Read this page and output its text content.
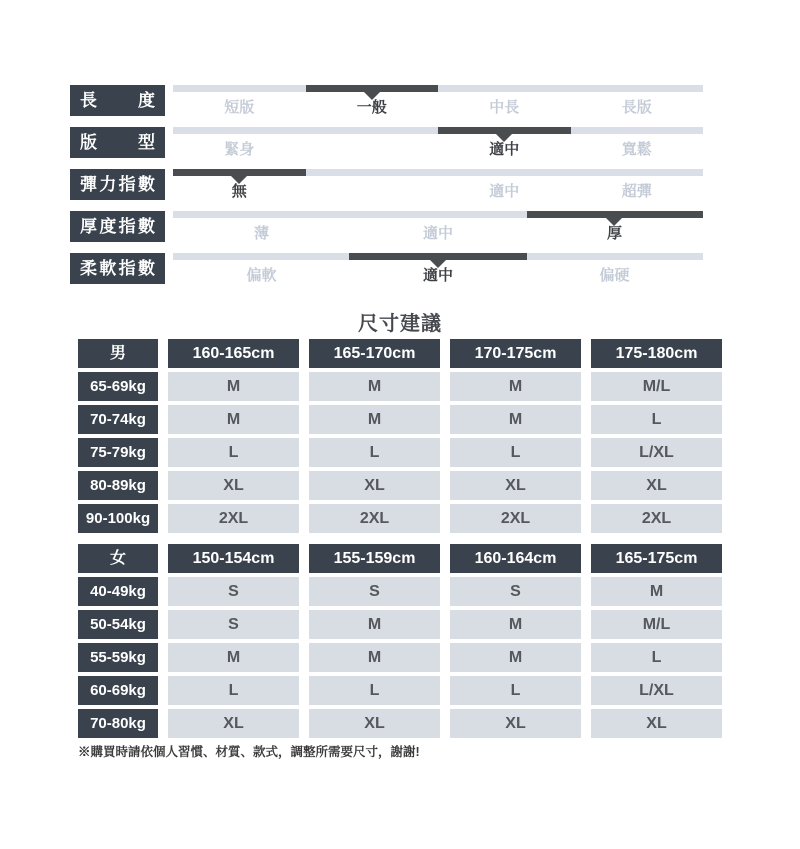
長度	短版	一般	中長	長版
版型	緊身	適中	寬鬆
彈力指數	無	適中	超彈
厚度指數	薄	適中	厚
柔軟指數	偏軟	適中	偏硬
尺寸建議
男	160-165cm	165-170cm	170-175cm	175-180cm
65-69kg	M	M	M	M/L
70-74kg	M	M	M	L
75-79kg	L	L	L	L/XL
80-89kg	XL	XL	XL	XL
90-100kg	2XL	2XL	2XL	2XL
女	150-154cm	155-159cm	160-164cm	165-175cm
40-49kg	S	S	S	M
50-54kg	S	M	M	M/L
55-59kg	M	M	M	L
60-69kg	L	L	L	L/XL
70-80kg	XL	XL	XL	XL
※購買時請依個人習慣、材質、款式，調整所需要尺寸，謝謝!
